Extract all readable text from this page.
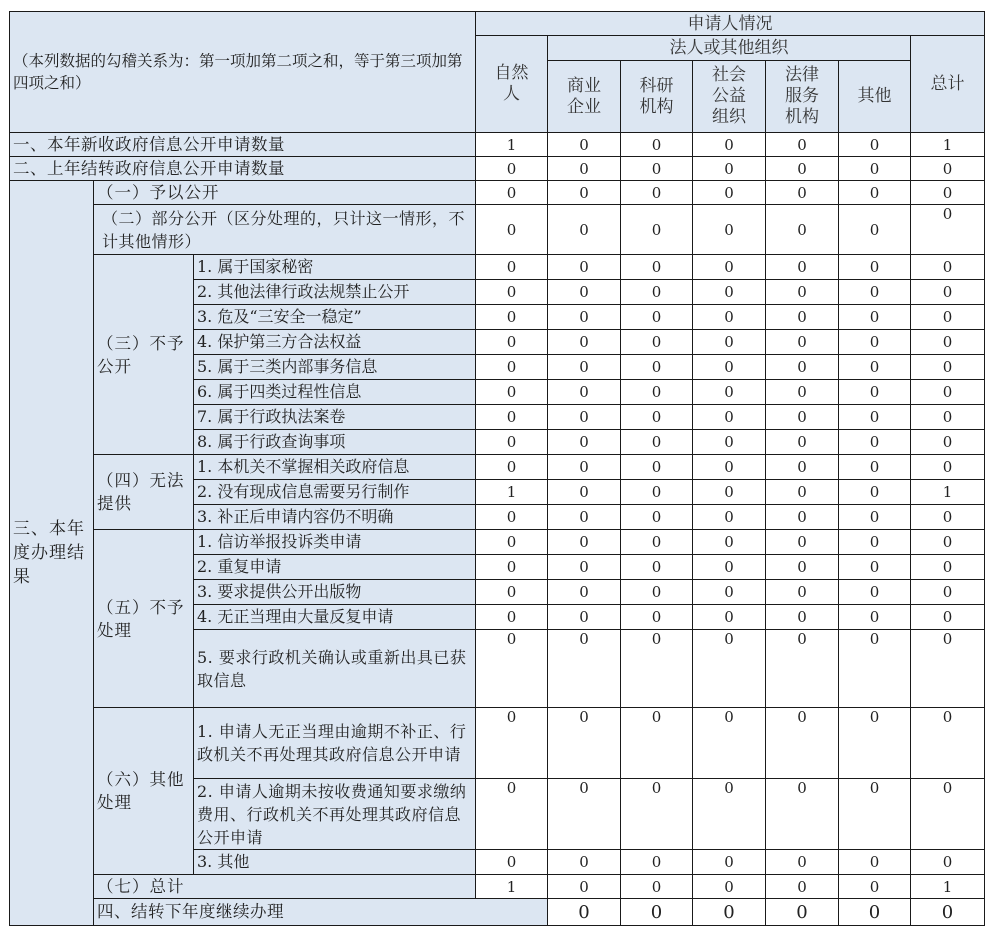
（本列数据的勾稽关系为：第一项加第二项之和，等于第三项加第四项之和）			申请人情况							
			自然人	法人或其他组织					总计	
				商业企业	科研机构	社会公益组织	法律服务机构	其他		
一、本年新收政府信息公开申请数量			1	0	0	0	0	0	1	
二、上年结转政府信息公开申请数量			0	0	0	0	0	0	0	
三、本年度办理结果	（一）予以公开		0	0	0	0	0	0	0	
	（二）部分公开（区分处理的，只计这一情形，不计其他情形）		0	0	0	0	0	0	0	
	（三）不予公开	1. 属于国家秘密	0	0	0	0	0	0	0	
		2. 其他法律行政法规禁止公开	0	0	0	0	0	0	0	
		3. 危及“三安全一稳定”	0	0	0	0	0	0	0	
		4. 保护第三方合法权益	0	0	0	0	0	0	0	
		5. 属于三类内部事务信息	0	0	0	0	0	0	0	
		6. 属于四类过程性信息	0	0	0	0	0	0	0	
		7. 属于行政执法案卷	0	0	0	0	0	0	0	
		8. 属于行政查询事项	0	0	0	0	0	0	0	
	（四）无法提供	1. 本机关不掌握相关政府信息	0	0	0	0	0	0	0	
		2. 没有现成信息需要另行制作	1	0	0	0	0	0	1	
		3. 补正后申请内容仍不明确	0	0	0	0	0	0	0	
	（五）不予处理	1. 信访举报投诉类申请	0	0	0	0	0	0	0	
		2. 重复申请	0	0	0	0	0	0	0	
		3. 要求提供公开出版物	0	0	0	0	0	0	0	
		4. 无正当理由大量反复申请	0	0	0	0	0	0	0	
		5. 要求行政机关确认或重新出具已获取信息	0	0	0	0	0	0	0	
	（六）其他处理	1. 申请人无正当理由逾期不补正、行政机关不再处理其政府信息公开申请	0	0	0	0	0	0	0	
		2. 申请人逾期未按收费通知要求缴纳费用、行政机关不再处理其政府信息公开申请	0	0	0	0	0	0	0	
		3. 其他	0	0	0	0	0	0	0	
	（七）总计		1	0	0	0	0	0	1	
	四、结转下年度继续办理			0	0	0	0	0	0	
